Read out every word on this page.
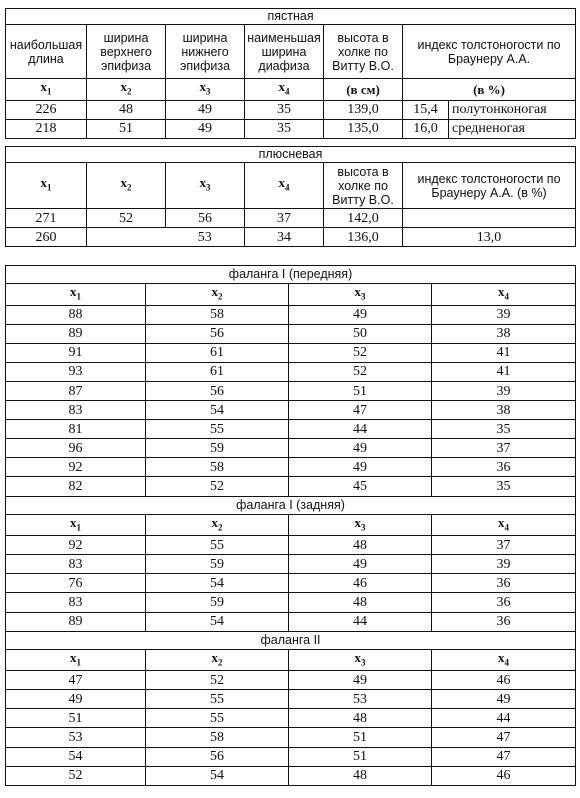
пястная						
наибольшая длина	ширина верхнего эпифиза	ширина нижнего эпифиза	наименьшая ширина диафиза	высота в холке по Витту В.О.	индекс толстоногости по Браунеру А.А.	
$x_1$	$x_2$	$x_3$	$x_4$	(в см)	(в %)	
226	48	49	35	139,0	15,4	полутонконогая
218	51	49	35	135,0	16,0	средненогая
плюсневая					
$x_1$	$x_2$	$x_3$	$x_4$	высота в холке по Витту В.О.	индекс толстоногости по Браунеру А.А. (в %)
271	52	56	37	142,0	
260		53	34	136,0	13,0
фаланга I (передняя)			
$x_1$	$x_2$	$x_3$	$x_4$
88	58	49	39
89	56	50	38
91	61	52	41
93	61	52	41
87	56	51	39
83	54	47	38
81	55	44	35
96	59	49	37
92	58	49	36
82	52	45	35
фаланга I (задняя)			
$x_1$	$x_2$	$x_3$	$x_4$
92	55	48	37
83	59	49	39
76	54	46	36
83	59	48	36
89	54	44	36
фаланга II			
$x_1$	$x_2$	$x_3$	$x_4$
47	52	49	46
49	55	53	49
51	55	48	44
53	58	51	47
54	56	51	47
52	54	48	46
